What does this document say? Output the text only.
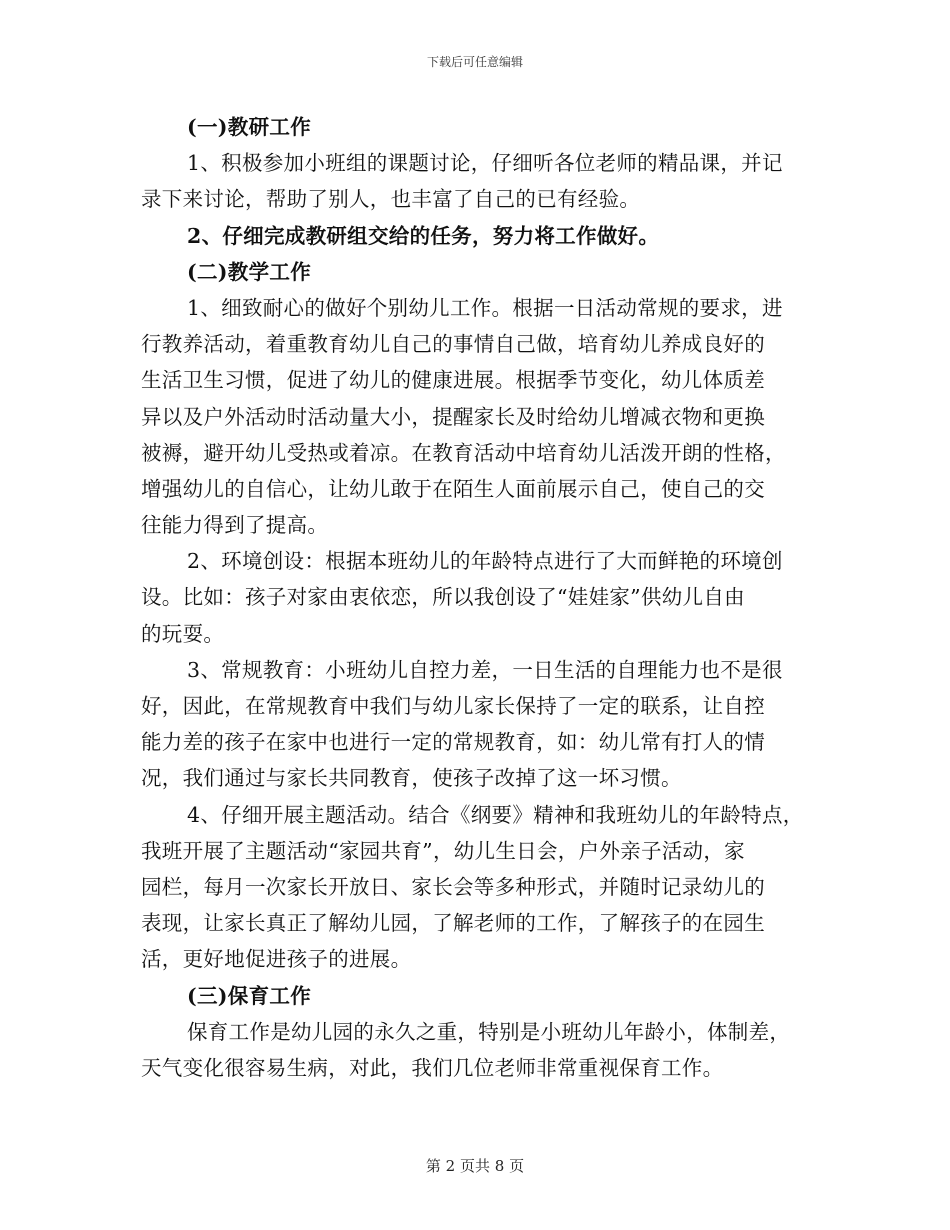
下载后可任意编辑
(一)教研工作
1、积极参加小班组的课题讨论，仔细听各位老师的精品课，并记
录下来讨论，帮助了别人，也丰富了自己的已有经验。
2、仔细完成教研组交给的任务，努力将工作做好。
(二)教学工作
1、细致耐心的做好个别幼儿工作。根据一日活动常规的要求，进
行教养活动，着重教育幼儿自己的事情自己做，培育幼儿养成良好的
生活卫生习惯，促进了幼儿的健康进展。根据季节变化，幼儿体质差
异以及户外活动时活动量大小，提醒家长及时给幼儿增减衣物和更换
被褥，避开幼儿受热或着凉。在教育活动中培育幼儿活泼开朗的性格，
增强幼儿的自信心，让幼儿敢于在陌生人面前展示自己，使自己的交
往能力得到了提高。
2、环境创设：根据本班幼儿的年龄特点进行了大而鲜艳的环境创
设。比如：孩子对家由衷依恋，所以我创设了“娃娃家”供幼儿自由
的玩耍。
3、常规教育：小班幼儿自控力差，一日生活的自理能力也不是很
好，因此，在常规教育中我们与幼儿家长保持了一定的联系，让自控
能力差的孩子在家中也进行一定的常规教育，如：幼儿常有打人的情
况，我们通过与家长共同教育，使孩子改掉了这一坏习惯。
4、仔细开展主题活动。结合《纲要》精神和我班幼儿的年龄特点，
我班开展了主题活动“家园共育”，幼儿生日会，户外亲子活动，家
园栏，每月一次家长开放日、家长会等多种形式，并随时记录幼儿的
表现，让家长真正了解幼儿园，了解老师的工作，了解孩子的在园生
活，更好地促进孩子的进展。
(三)保育工作
保育工作是幼儿园的永久之重，特别是小班幼儿年龄小，体制差，
天气变化很容易生病，对此，我们几位老师非常重视保育工作。
第 2 页共 8 页
